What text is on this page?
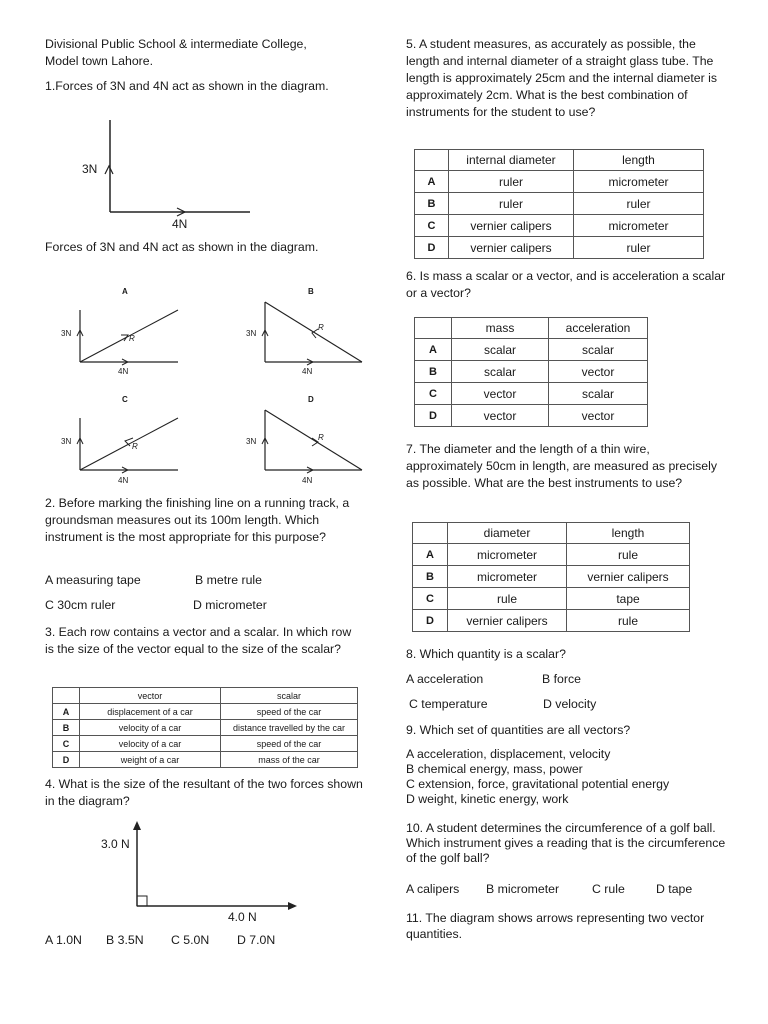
Divisional Public School & intermediate College,

Model town Lahore.

1.Forces of 3N and 4N act as shown in the diagram.

3N
4N

Forces of 3N and 4N act as shown in the diagram.

A
3N
4N
R
B
3N
4N
R
C
3N
4N
R
D
3N
4N
R

2. Before marking the finishing line on a running track, a groundsman measures out its 100m length. Which instrument is the most appropriate for this purpose?

A measuring tape	B metre rule
C 30cm ruler	D micrometer

3. Each row contains a vector and a scalar. In which row is the size of the vector equal to the size of the scalar?

	vector	scalar
A	displacement of a car	speed of the car
B	velocity of a car	distance travelled by the car
C	velocity of a car	speed of the car
D	weight of a car	mass of the car

4. What is the size of the resultant of the two forces shown in the diagram?

3.0 N
4.0 N
A 1.0N B 3.5N C 5.0N D 7.0N

5. A student measures, as accurately as possible, the length and internal diameter of a straight glass tube. The length is approximately 25cm and the internal diameter is approximately 2cm. What is the best combination of instruments for the student to use?

	internal diameter	length
A	ruler	micrometer
B	ruler	ruler
C	vernier calipers	micrometer
D	vernier calipers	ruler

6. Is mass a scalar or a vector, and is acceleration a scalar or a vector?

	mass	acceleration
A	scalar	scalar
B	scalar	vector
C	vector	scalar
D	vector	vector

7. The diameter and the length of a thin wire, approximately 50cm in length, are measured as precisely as possible. What are the best instruments to use?

	diameter	length
A	micrometer	rule
B	micrometer	vernier calipers
C	rule	tape
D	vernier calipers	rule

8. Which quantity is a scalar?

A acceleration	B force
C temperature	D velocity

9. Which set of quantities are all vectors?

A acceleration, displacement, velocity
B chemical energy, mass, power
C extension, force, gravitational potential energy
D weight, kinetic energy, work

10. A student determines the circumference of a golf ball. Which instrument gives a reading that is the circumference of the golf ball?

A calipers B micrometer	C rule	D tape

11. The diagram shows arrows representing two vector quantities.
